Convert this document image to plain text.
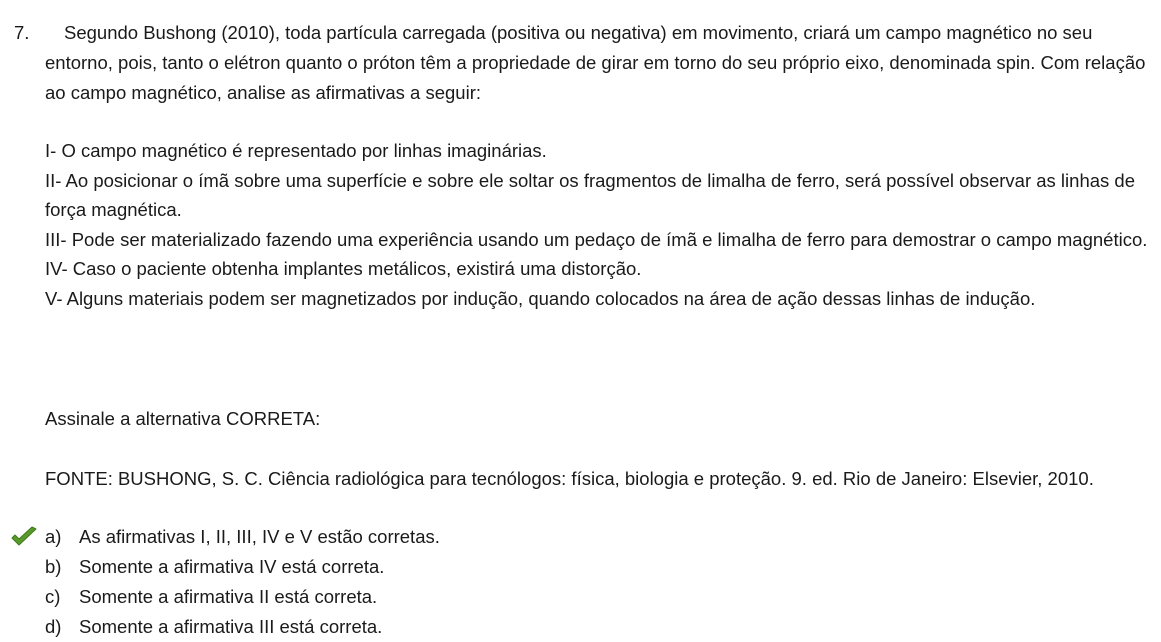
7.	Segundo Bushong (2010), toda partícula carregada (positiva ou negativa) em movimento, criará um campo magnético no seu entorno, pois, tanto o elétron quanto o próton têm a propriedade de girar em torno do seu próprio eixo, denominada spin. Com relação ao campo magnético, analise as afirmativas a seguir:
I- O campo magnético é representado por linhas imaginárias.
II- Ao posicionar o ímã sobre uma superfície e sobre ele soltar os fragmentos de limalha de ferro, será possível observar as linhas de força magnética.
III- Pode ser materializado fazendo uma experiência usando um pedaço de ímã e limalha de ferro para demostrar o campo magnético.
IV- Caso o paciente obtenha implantes metálicos, existirá uma distorção.
V- Alguns materiais podem ser magnetizados por indução, quando colocados na área de ação dessas linhas de indução.
Assinale a alternativa CORRETA:
FONTE: BUSHONG, S. C. Ciência radiológica para tecnólogos: física, biologia e proteção. 9. ed. Rio de Janeiro: Elsevier, 2010.
a) As afirmativas I, II, III, IV e V estão corretas.
b) Somente a afirmativa IV está correta.
c) Somente a afirmativa II está correta.
d) Somente a afirmativa III está correta.
